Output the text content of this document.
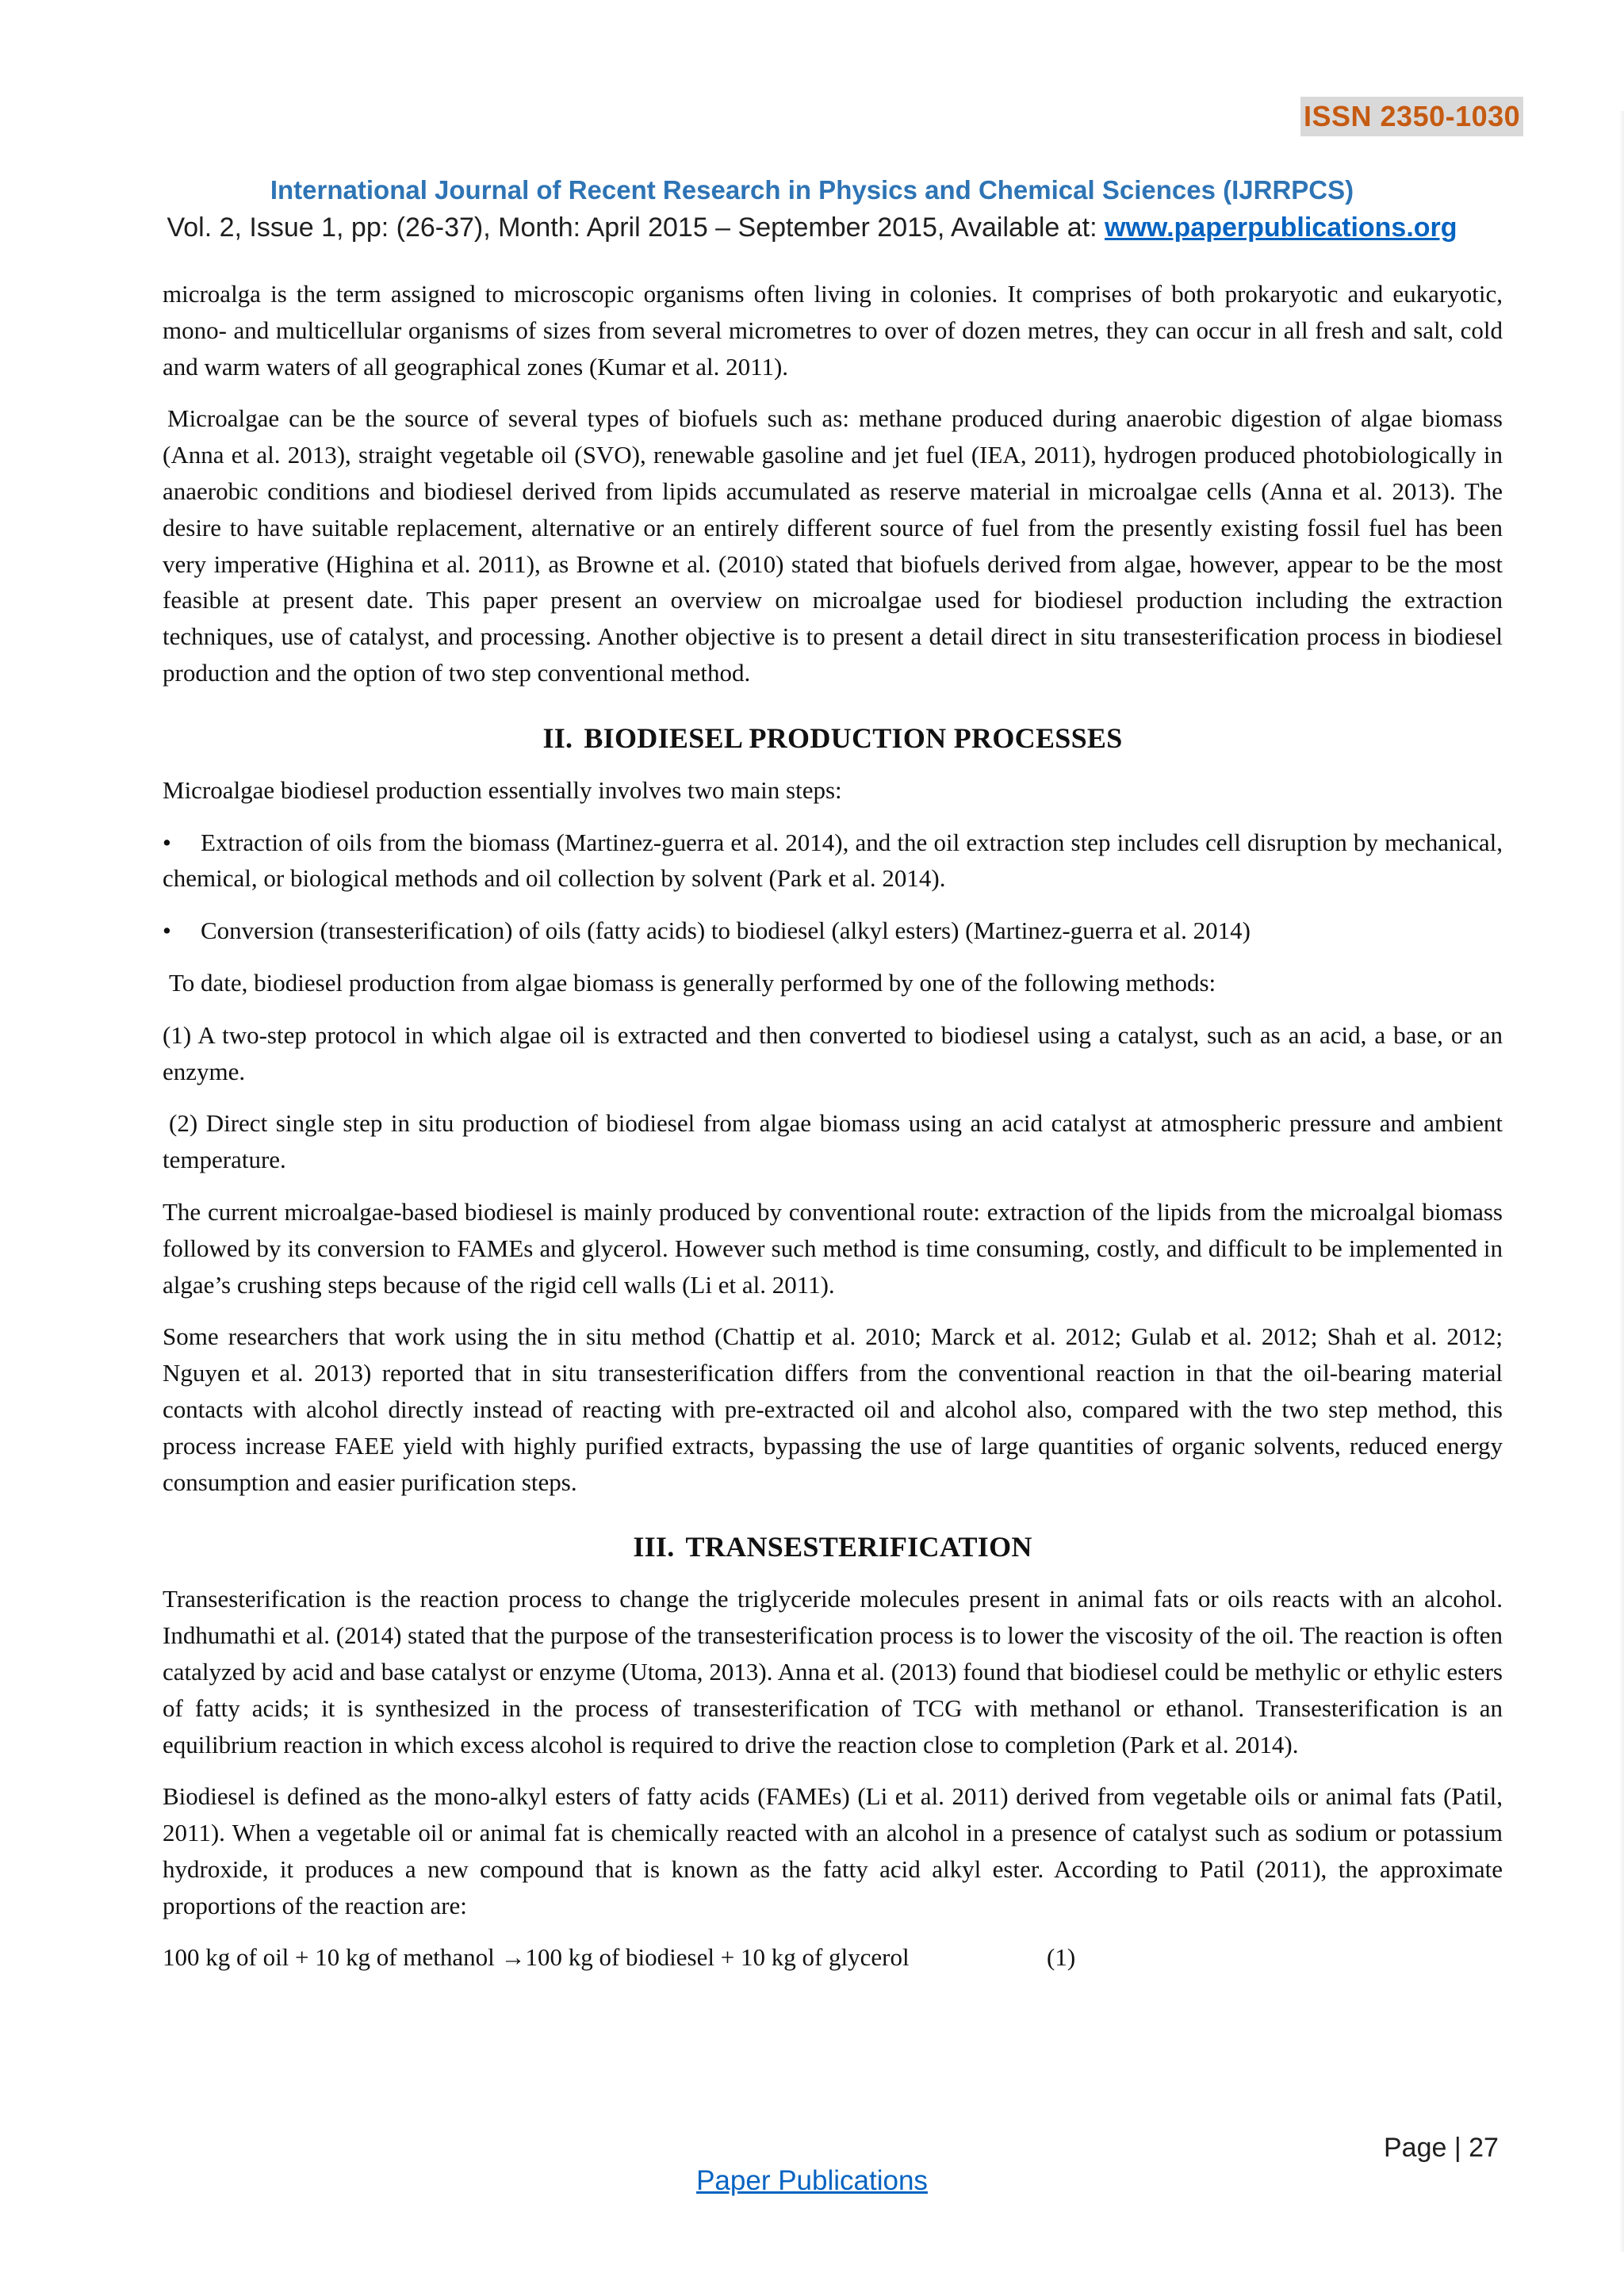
ISSN 2350-1030
International Journal of Recent Research in Physics and Chemical Sciences (IJRRPCS)
Vol. 2, Issue 1, pp: (26-37), Month: April 2015 – September 2015, Available at: www.paperpublications.org

microalga is the term assigned to microscopic organisms often living in colonies. It comprises of both prokaryotic and eukaryotic, mono- and multicellular organisms of sizes from several micrometres to over of dozen metres, they can occur in all fresh and salt, cold and warm waters of all geographical zones (Kumar et al. 2011).

Microalgae can be the source of several types of biofuels such as: methane produced during anaerobic digestion of algae biomass (Anna et al. 2013), straight vegetable oil (SVO), renewable gasoline and jet fuel (IEA, 2011), hydrogen produced photobiologically in anaerobic conditions and biodiesel derived from lipids accumulated as reserve material in microalgae cells (Anna et al. 2013). The desire to have suitable replacement, alternative or an entirely different source of fuel from the presently existing fossil fuel has been very imperative (Highina et al. 2011), as Browne et al. (2010) stated that biofuels derived from algae, however, appear to be the most feasible at present date. This paper present an overview on microalgae used for biodiesel production including the extraction techniques, use of catalyst, and processing. Another objective is to present a detail direct in situ transesterification process in biodiesel production and the option of two step conventional method.

II. BIODIESEL PRODUCTION PROCESSES

Microalgae biodiesel production essentially involves two main steps:

• Extraction of oils from the biomass (Martinez-guerra et al. 2014), and the oil extraction step includes cell disruption by mechanical, chemical, or biological methods and oil collection by solvent (Park et al. 2014).

• Conversion (transesterification) of oils (fatty acids) to biodiesel (alkyl esters) (Martinez-guerra et al. 2014)

To date, biodiesel production from algae biomass is generally performed by one of the following methods:

(1) A two-step protocol in which algae oil is extracted and then converted to biodiesel using a catalyst, such as an acid, a base, or an enzyme.

(2) Direct single step in situ production of biodiesel from algae biomass using an acid catalyst at atmospheric pressure and ambient temperature.

The current microalgae-based biodiesel is mainly produced by conventional route: extraction of the lipids from the microalgal biomass followed by its conversion to FAMEs and glycerol. However such method is time consuming, costly, and difficult to be implemented in algae’s crushing steps because of the rigid cell walls (Li et al. 2011).

Some researchers that work using the in situ method (Chattip et al. 2010; Marck et al. 2012; Gulab et al. 2012; Shah et al. 2012; Nguyen et al. 2013) reported that in situ transesterification differs from the conventional reaction in that the oil-bearing material contacts with alcohol directly instead of reacting with pre-extracted oil and alcohol also, compared with the two step method, this process increase FAEE yield with highly purified extracts, bypassing the use of large quantities of organic solvents, reduced energy consumption and easier purification steps.

III. TRANSESTERIFICATION

Transesterification is the reaction process to change the triglyceride molecules present in animal fats or oils reacts with an alcohol. Indhumathi et al. (2014) stated that the purpose of the transesterification process is to lower the viscosity of the oil. The reaction is often catalyzed by acid and base catalyst or enzyme (Utoma, 2013). Anna et al. (2013) found that biodiesel could be methylic or ethylic esters of fatty acids; it is synthesized in the process of transesterification of TCG with methanol or ethanol. Transesterification is an equilibrium reaction in which excess alcohol is required to drive the reaction close to completion (Park et al. 2014).

Biodiesel is defined as the mono-alkyl esters of fatty acids (FAMEs) (Li et al. 2011) derived from vegetable oils or animal fats (Patil, 2011). When a vegetable oil or animal fat is chemically reacted with an alcohol in a presence of catalyst such as sodium or potassium hydroxide, it produces a new compound that is known as the fatty acid alkyl ester. According to Patil (2011), the approximate proportions of the reaction are:

100 kg of oil + 10 kg of methanol →100 kg of biodiesel + 10 kg of glycerol	(1)
Page | 27
Paper Publications
